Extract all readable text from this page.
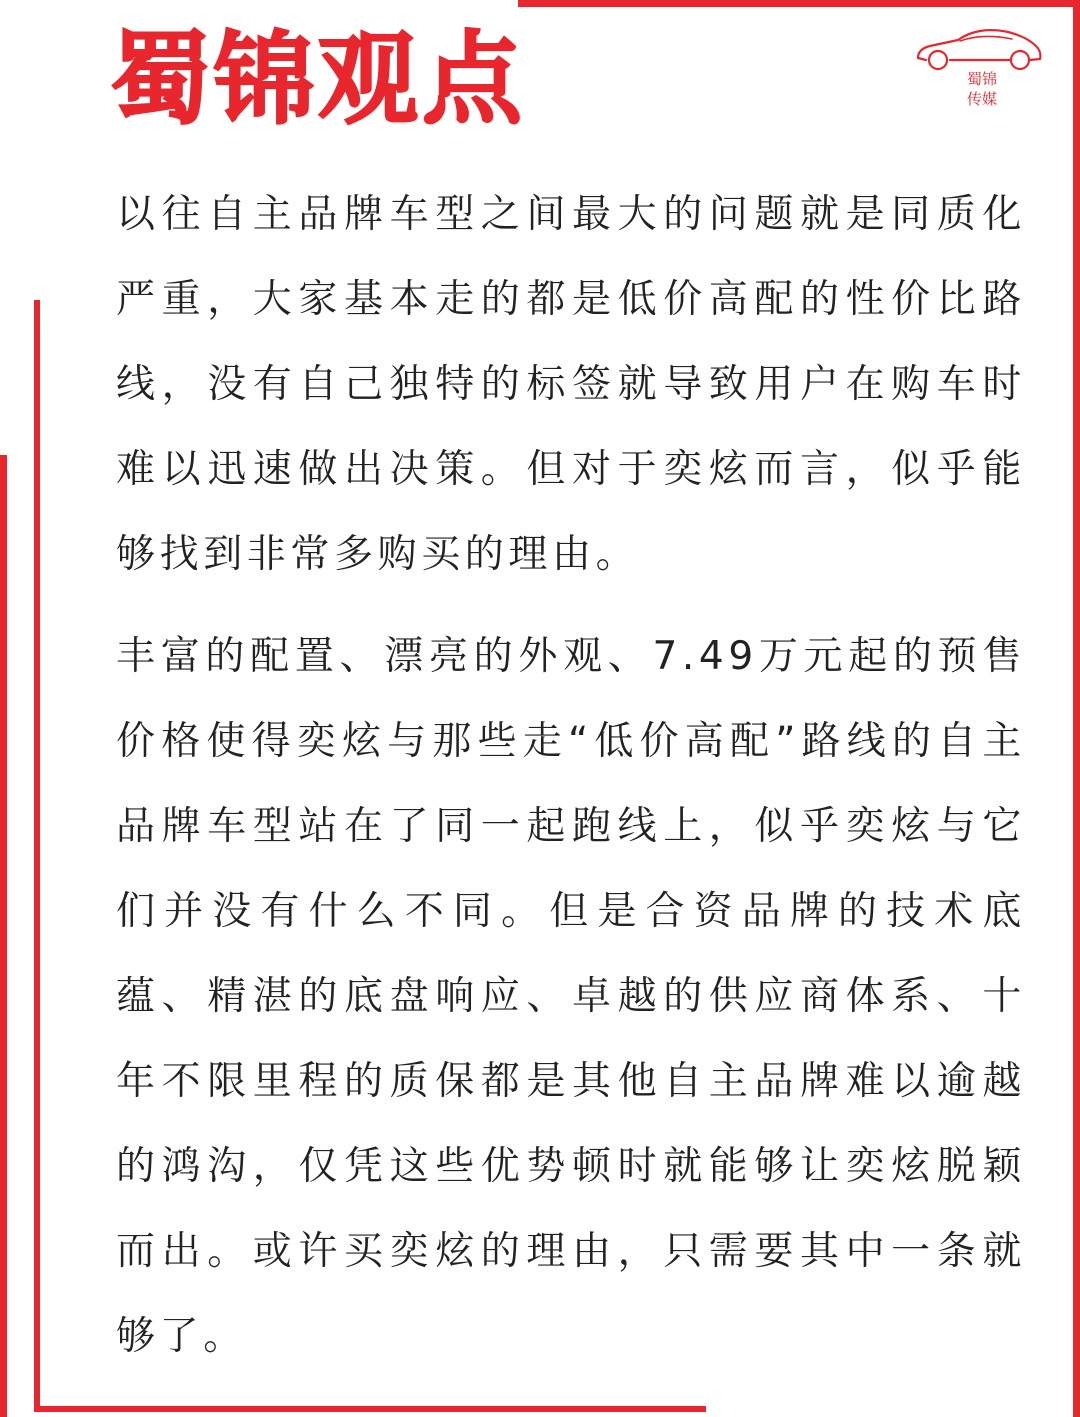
蜀锦观点	蜀锦
传媒

以往自主品牌车型之间最大的问题就是同质化严重，大家基本走的都是低价高配的性价比路线，没有自己独特的标签就导致用户在购车时难以迅速做出决策。但对于奕炫而言，似乎能够找到非常多购买的理由。

丰富的配置、漂亮的外观、7.49万元起的预售价格使得奕炫与那些走“低价高配”路线的自主品牌车型站在了同一起跑线上，似乎奕炫与它们并没有什么不同。但是合资品牌的技术底蕴、精湛的底盘响应、卓越的供应商体系、十年不限里程的质保都是其他自主品牌难以逾越的鸿沟，仅凭这些优势顿时就能够让奕炫脱颖而出。或许买奕炫的理由，只需要其中一条就够了。
